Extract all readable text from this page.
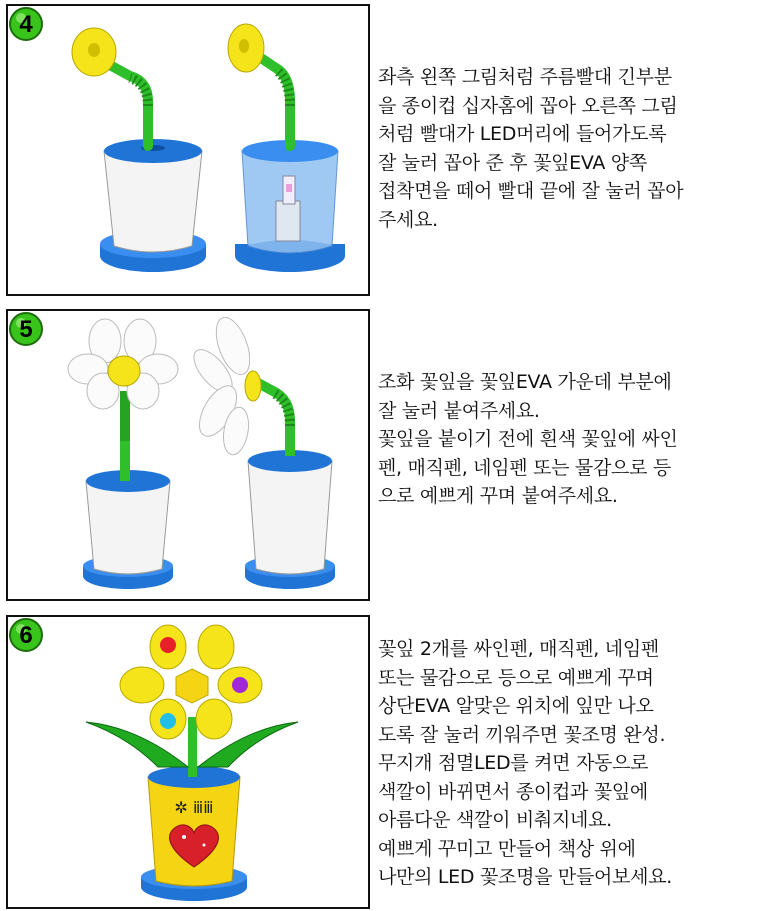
4
좌측 왼쪽 그림처럼 주름빨대 긴부분
을 종이컵 십자홈에 꼽아 오른쪽 그림
처럼 빨대가 LED머리에 들어가도록
잘 눌러 꼽아 준 후 꽃잎EVA 양쪽
접착면을 떼어 빨대 끝에 잘 눌러 꼽아
주세요.
5
조화 꽃잎을 꽃잎EVA 가운데 부분에
잘 눌러 붙여주세요.
꽃잎을 붙이기 전에 흰색 꽃잎에 싸인
펜, 매직펜, 네임펜 또는 물감으로 등
으로 예쁘게 꾸며 붙여주세요.
6
✲ ⅲⅲ
꽃잎 2개를 싸인펜, 매직펜, 네임펜
또는 물감으로 등으로 예쁘게 꾸며
상단EVA 알맞은 위치에 잎만 나오
도록 잘 눌러 끼워주면 꽃조명 완성.
무지개 점멸LED를 켜면 자동으로
색깔이 바뀌면서 종이컵과 꽃잎에
아름다운 색깔이 비춰지네요.
예쁘게 꾸미고 만들어 책상 위에
나만의 LED 꽃조명을 만들어보세요.
